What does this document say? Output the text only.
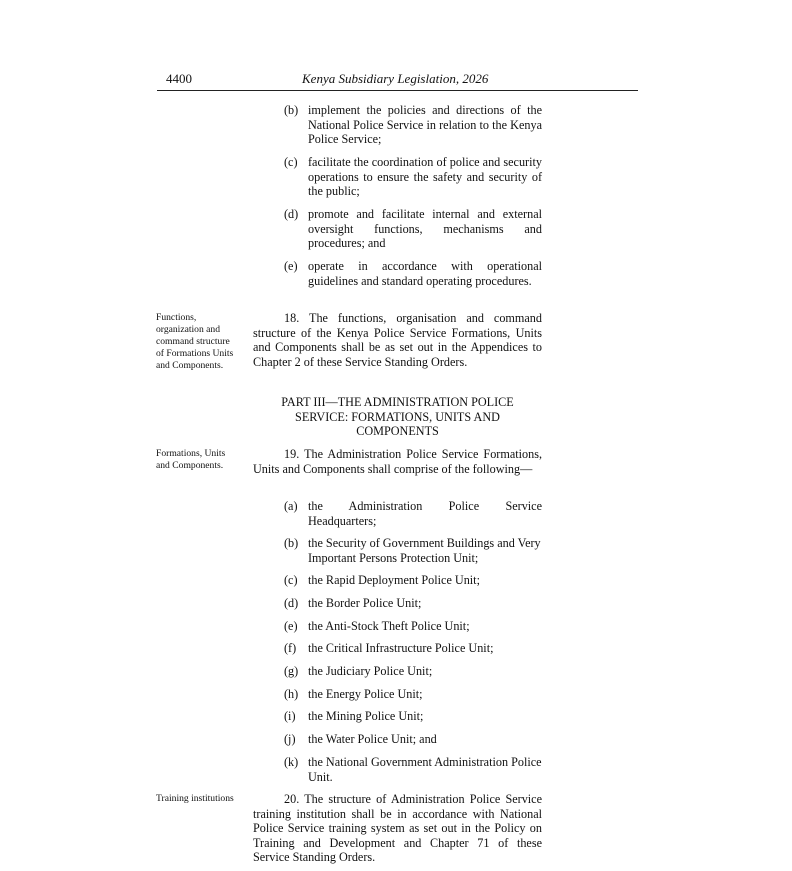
4400	Kenya Subsidiary Legislation, 2026
(b) implement the policies and directions of the National Police Service in relation to the Kenya Police Service;
(c) facilitate the coordination of police and security operations to ensure the safety and security of the public;
(d) promote and facilitate internal and external oversight functions, mechanisms and procedures; and
(e) operate in accordance with operational guidelines and standard operating procedures.
Functions, organization and command structure of Formations Units and Components.
18. The functions, organisation and command structure of the Kenya Police Service Formations, Units and Components shall be as set out in the Appendices to Chapter 2 of these Service Standing Orders.
PART III—THE ADMINISTRATION POLICE
SERVICE: FORMATIONS, UNITS AND
COMPONENTS
Formations, Units and Components.
19. The Administration Police Service Formations, Units and Components shall comprise of the following—
(a) the Administration Police Service Headquarters;
(b) the Security of Government Buildings and Very Important Persons Protection Unit;
(c) the Rapid Deployment Police Unit;
(d) the Border Police Unit;
(e) the Anti-Stock Theft Police Unit;
(f) the Critical Infrastructure Police Unit;
(g) the Judiciary Police Unit;
(h) the Energy Police Unit;
(i) the Mining Police Unit;
(j) the Water Police Unit; and
(k) the National Government Administration Police Unit.
Training institutions	20. The structure of Administration Police Service training institution shall be in accordance with National Police Service training system as set out in the Policy on Training and Development and Chapter 71 of these Service Standing Orders.
